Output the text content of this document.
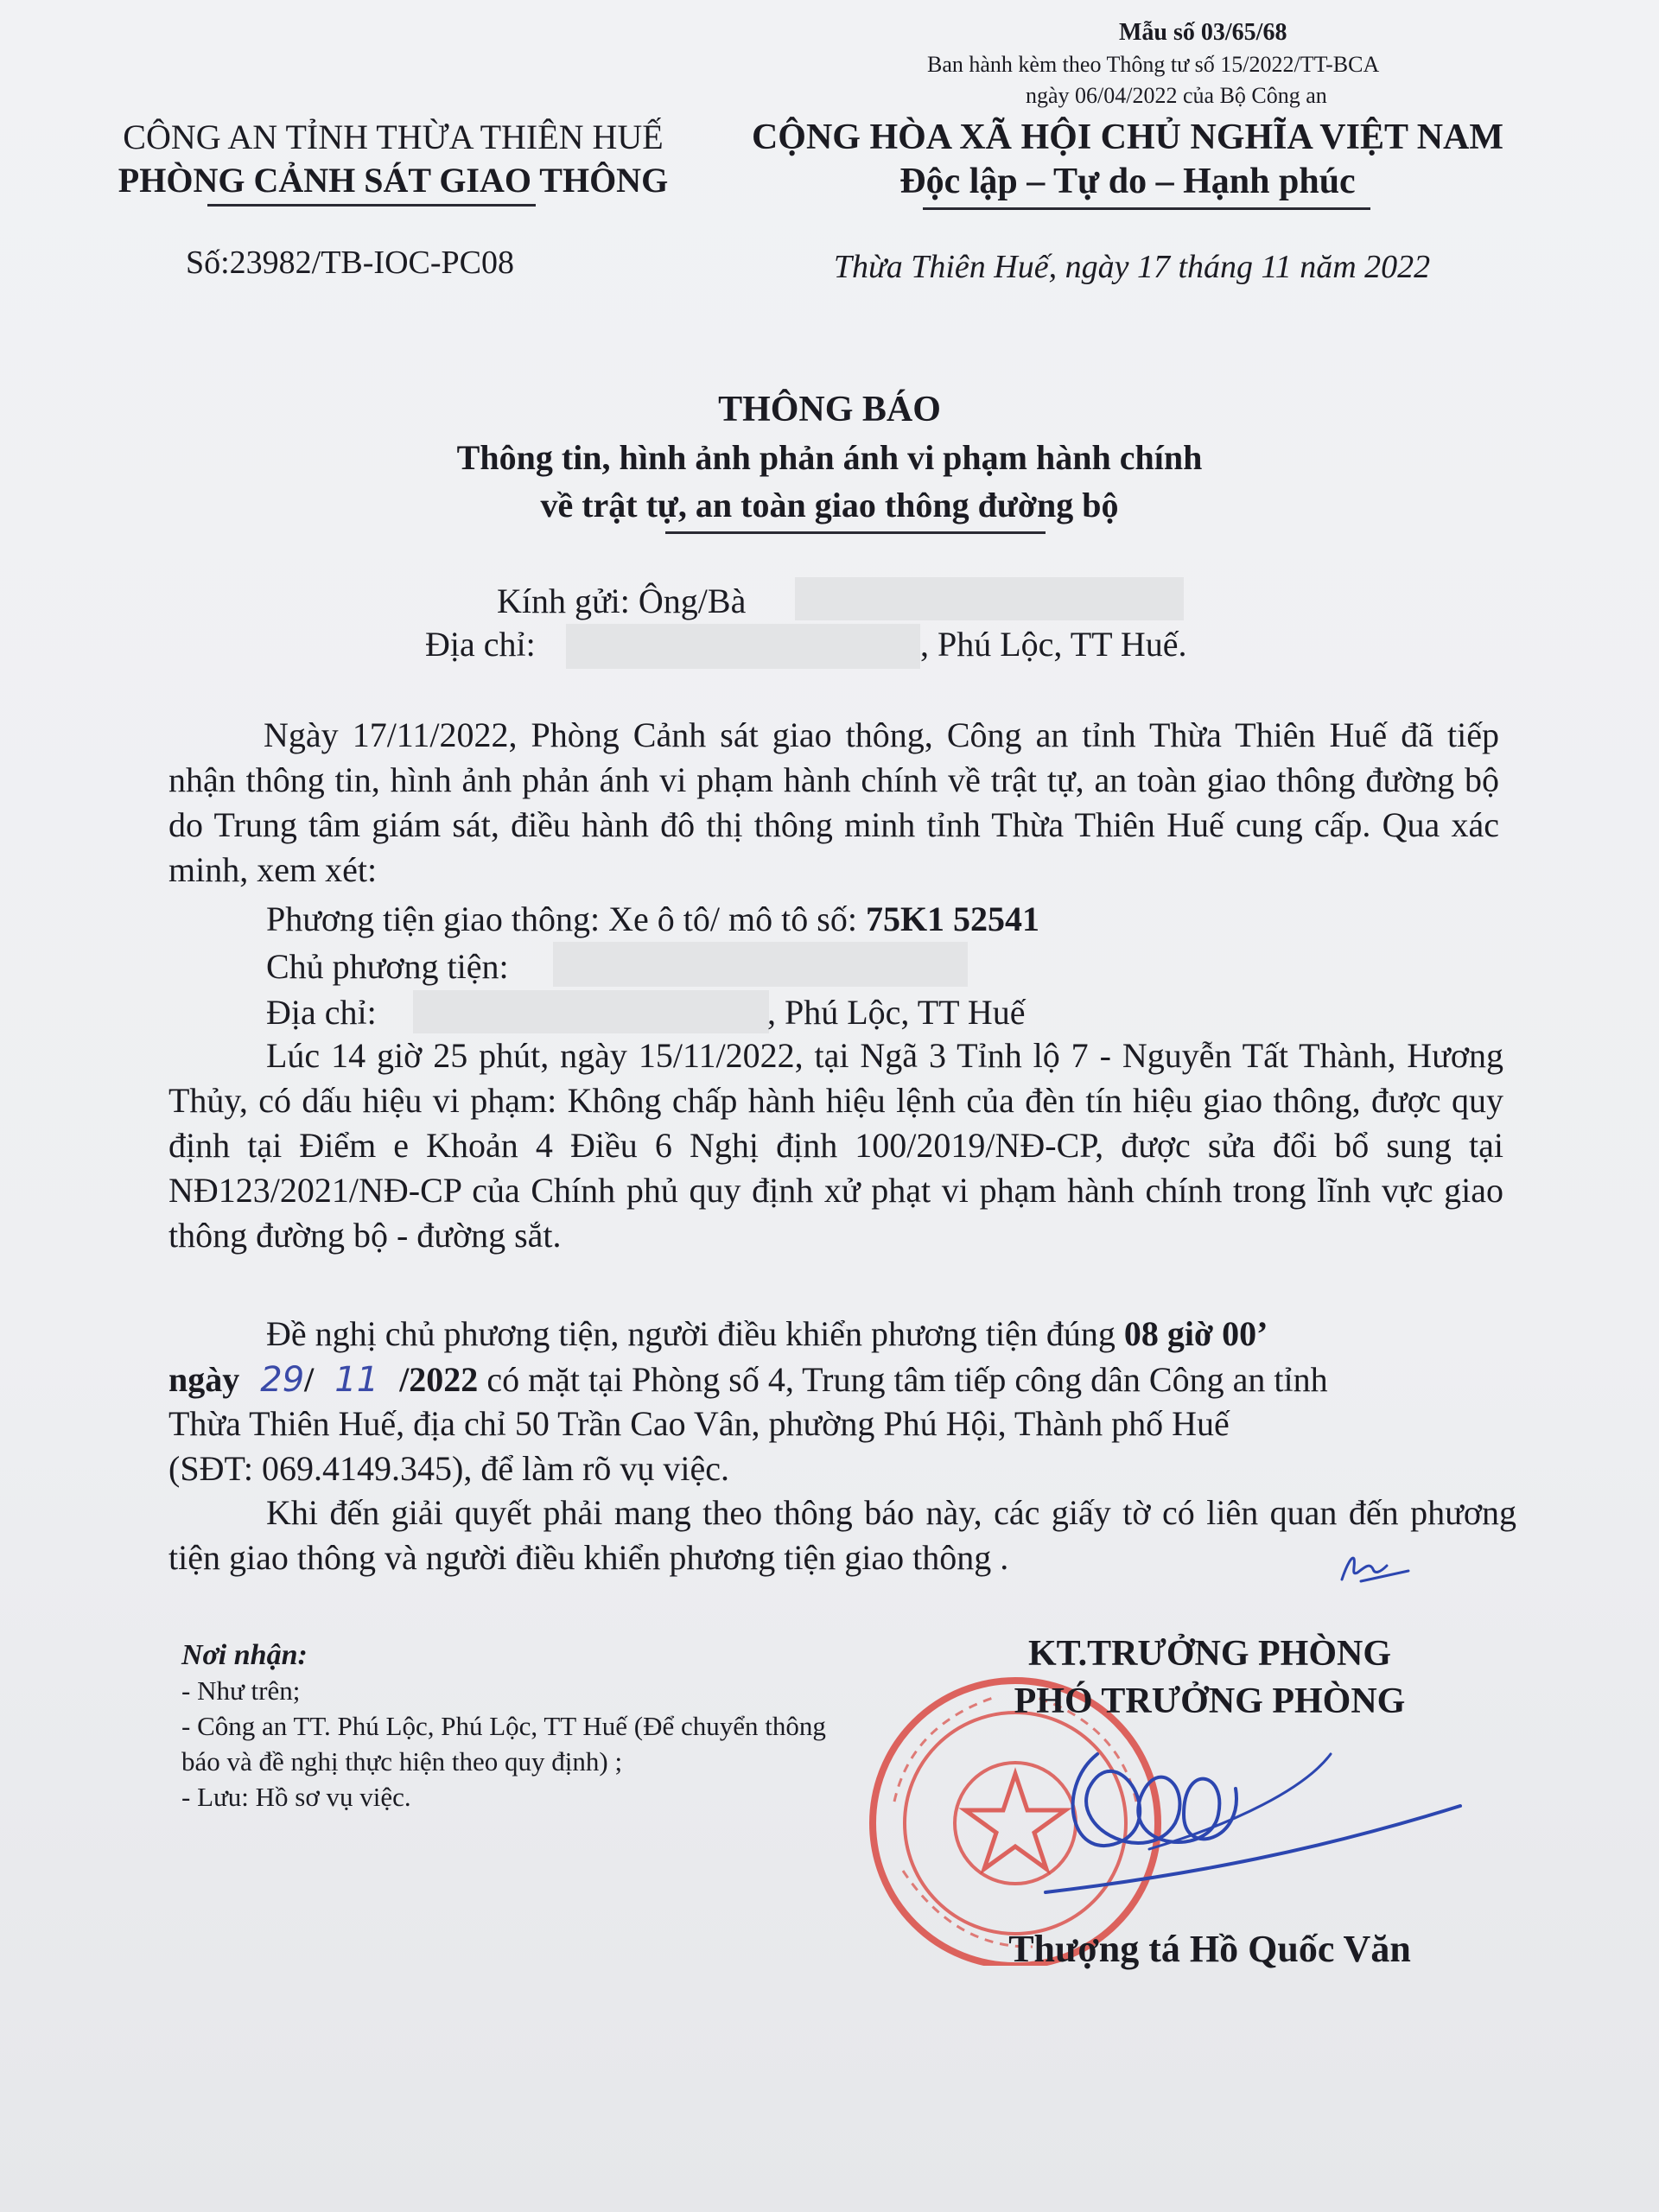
Mẫu số 03/65/68
Ban hành kèm theo Thông tư số 15/2022/TT-BCA
ngày 06/04/2022 của Bộ Công an
CÔNG AN TỈNH THỪA THIÊN HUẾ
PHÒNG CẢNH SÁT GIAO THÔNG
Số:23982/TB-IOC-PC08
CỘNG HÒA XÃ HỘI CHỦ NGHĨA VIỆT NAM
Độc lập – Tự do – Hạnh phúc
Thừa Thiên Huế, ngày 17 tháng 11 năm 2022
THÔNG BÁO
Thông tin, hình ảnh phản ánh vi phạm hành chính
về trật tự, an toàn giao thông đường bộ
Kính gửi: Ông/Bà
Địa chỉ:	, Phú Lộc, TT Huế.
Ngày 17/11/2022, Phòng Cảnh sát giao thông, Công an tỉnh Thừa Thiên Huế đã tiếp nhận thông tin, hình ảnh phản ánh vi phạm hành chính về trật tự, an toàn giao thông đường bộ do Trung tâm giám sát, điều hành đô thị thông minh tỉnh Thừa Thiên Huế cung cấp. Qua xác minh, xem xét:
Phương tiện giao thông: Xe ô tô/ mô tô số: 75K1 52541
Chủ phương tiện:
Địa chỉ:	, Phú Lộc, TT Huế
Lúc 14 giờ 25 phút, ngày 15/11/2022, tại Ngã 3 Tỉnh lộ 7 - Nguyễn Tất Thành, Hương Thủy, có dấu hiệu vi phạm: Không chấp hành hiệu lệnh của đèn tín hiệu giao thông, được quy định tại Điểm e Khoản 4 Điều 6 Nghị định 100/2019/NĐ-CP, được sửa đổi bổ sung tại NĐ123/2021/NĐ-CP của Chính phủ quy định xử phạt vi phạm hành chính trong lĩnh vực giao thông đường bộ - đường sắt.
Đề nghị chủ phương tiện, người điều khiển phương tiện đúng 08 giờ 00’
ngày 29/ 11 /2022 có mặt tại Phòng số 4, Trung tâm tiếp công dân Công an tỉnh
Thừa Thiên Huế, địa chỉ 50 Trần Cao Vân, phường Phú Hội, Thành phố Huế
(SĐT: 069.4149.345), để làm rõ vụ việc.
Khi đến giải quyết phải mang theo thông báo này, các giấy tờ có liên quan đến phương tiện giao thông và người điều khiển phương tiện giao thông .
Nơi nhận:
- Như trên;
- Công an TT. Phú Lộc, Phú Lộc, TT Huế (Để chuyển thông báo và đề nghị thực hiện theo quy định) ;
- Lưu: Hồ sơ vụ việc.
KT.TRƯỞNG PHÒNG
PHÓ TRƯỞNG PHÒNG
Thượng tá Hồ Quốc Văn
